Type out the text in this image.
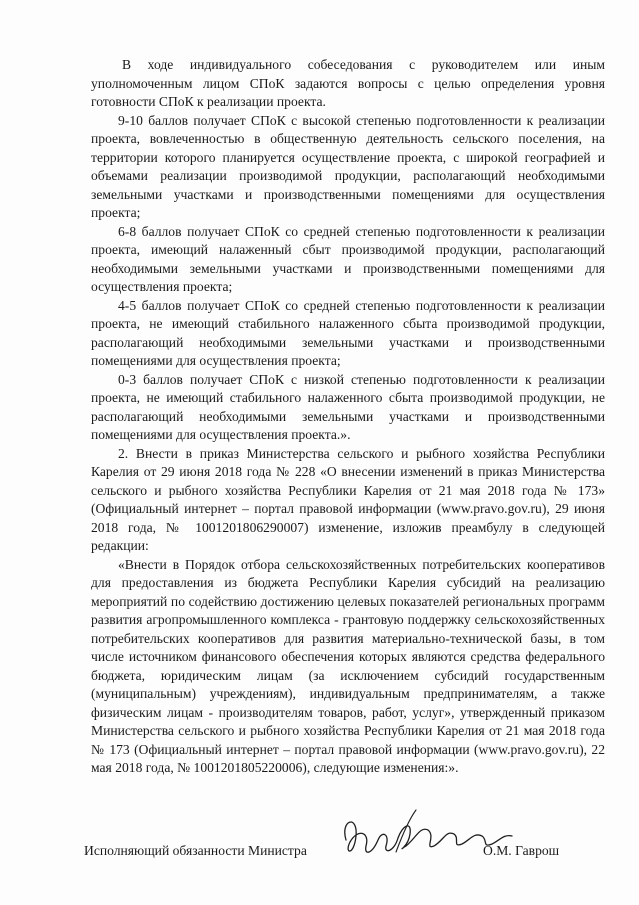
В ходе индивидуального собеседования с руководителем или иным уполномоченным лицом СПоК задаются вопросы с целью определения уровня готовности СПоК к реализации проекта.

9-10 баллов получает СПоК с высокой степенью подготовленности к реализации проекта, вовлеченностью в общественную деятельность сельского поселения, на территории которого планируется осуществление проекта, с широкой географией и объемами реализации производимой продукции, располагающий необходимыми земельными участками и производственными помещениями для осуществления проекта;

6-8 баллов получает СПоК со средней степенью подготовленности к реализации проекта, имеющий налаженный сбыт производимой продукции, располагающий необходимыми земельными участками и производственными помещениями для осуществления проекта;

4-5 баллов получает СПоК со средней степенью подготовленности к реализации проекта, не имеющий стабильного налаженного сбыта производимой продукции, располагающий необходимыми земельными участками и производственными помещениями для осуществления проекта;

0-3 баллов получает СПоК с низкой степенью подготовленности к реализации проекта, не имеющий стабильного налаженного сбыта производимой продукции, не располагающий необходимыми земельными участками и производственными помещениями для осуществления проекта.».

2. Внести в приказ Министерства сельского и рыбного хозяйства Республики Карелия от 29 июня 2018 года № 228 «О внесении изменений в приказ Министерства сельского и рыбного хозяйства Республики Карелия от 21 мая 2018 года № 173» (Официальный интернет – портал правовой информации (www.pravo.gov.ru), 29 июня 2018 года, № 1001201806290007) изменение, изложив преамбулу в следующей редакции:

«Внести в Порядок отбора сельскохозяйственных потребительских кооперативов для предоставления из бюджета Республики Карелия субсидий на реализацию мероприятий по содействию достижению целевых показателей региональных программ развития агропромышленного комплекса - грантовую поддержку сельскохозяйственных потребительских кооперативов для развития материально-технической базы, в том числе источником финансового обеспечения которых являются средства федерального бюджета, юридическим лицам (за исключением субсидий государственным (муниципальным) учреждениям), индивидуальным предпринимателям, а также физическим лицам - производителям товаров, работ, услуг», утвержденный приказом Министерства сельского и рыбного хозяйства Республики Карелия от 21 мая 2018 года № 173 (Официальный интернет – портал правовой информации (www.pravo.gov.ru), 22 мая 2018 года, № 1001201805220006), следующие изменения:».

Исполняющий обязанности Министра	О.М. Гаврош
